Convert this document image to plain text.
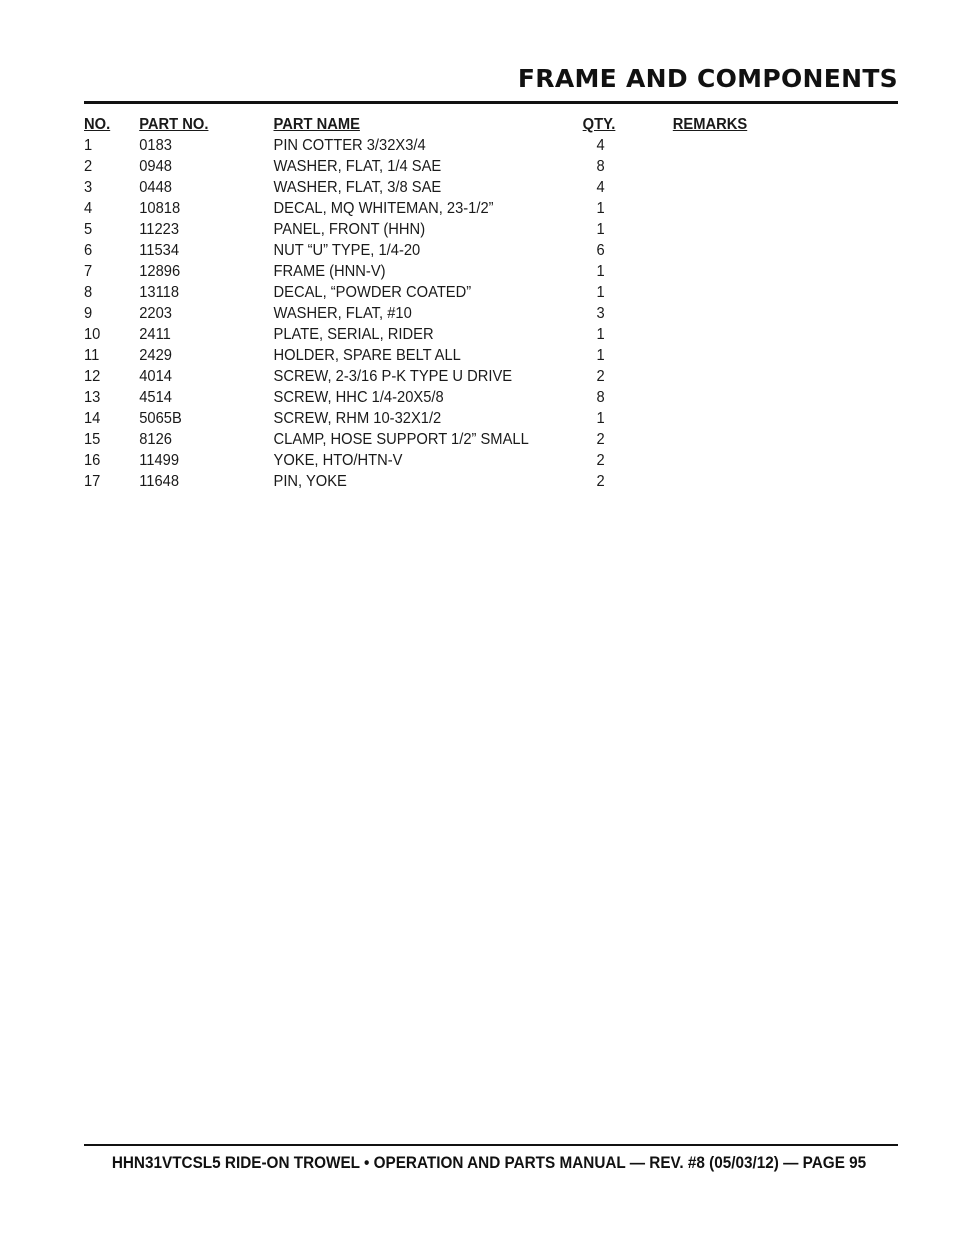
FRAME AND COMPONENTS
NO.	PART NO.	PART NAME	QTY.	REMARKS
1	0183	PIN COTTER 3/32X3/4	4	
2	0948	WASHER, FLAT, 1/4 SAE	8	
3	0448	WASHER, FLAT, 3/8 SAE	4	
4	10818	DECAL, MQ WHITEMAN, 23-1/2”	1	
5	11223	PANEL, FRONT (HHN)	1	
6	11534	NUT “U” TYPE, 1/4-20	6	
7	12896	FRAME (HNN-V)	1	
8	13118	DECAL, “POWDER COATED”	1	
9	2203	WASHER, FLAT, #10	3	
10	2411	PLATE, SERIAL, RIDER	1	
11	2429	HOLDER, SPARE BELT ALL	1	
12	4014	SCREW, 2-3/16 P-K TYPE U DRIVE	2	
13	4514	SCREW, HHC 1/4-20X5/8	8	
14	5065B	SCREW, RHM 10-32X1/2	1	
15	8126	CLAMP, HOSE SUPPORT 1/2” SMALL	2	
16	11499	YOKE, HTO/HTN-V	2	
17	11648	PIN, YOKE	2	
HHN31VTCSL5 RIDE-ON TROWEL • OPERATION AND PARTS MANUAL — REV. #8 (05/03/12) — PAGE 95
